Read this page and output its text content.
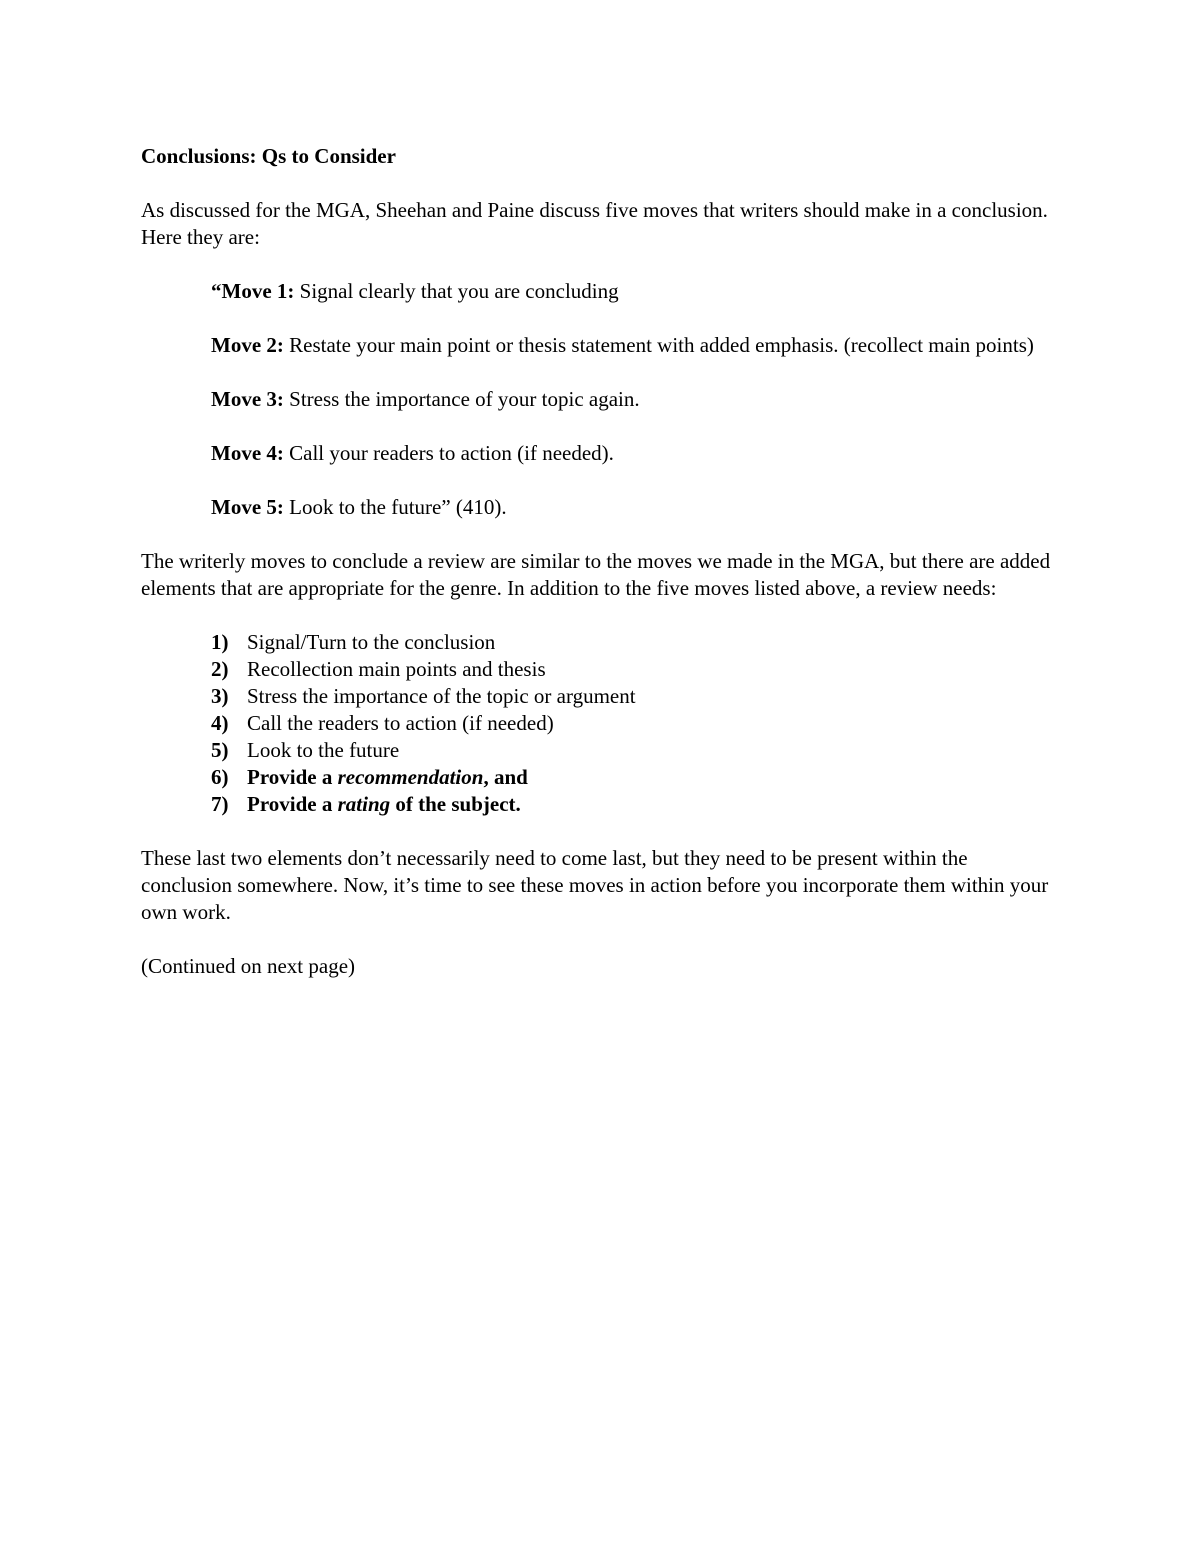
Conclusions: Qs to Consider

As discussed for the MGA, Sheehan and Paine discuss five moves that writers should make in a conclusion. Here they are:

“Move 1: Signal clearly that you are concluding

Move 2: Restate your main point or thesis statement with added emphasis. (recollect main points)

Move 3: Stress the importance of your topic again.

Move 4: Call your readers to action (if needed).

Move 5: Look to the future” (410).

The writerly moves to conclude a review are similar to the moves we made in the MGA, but there are added elements that are appropriate for the genre. In addition to the five moves listed above, a review needs:

1) Signal/Turn to the conclusion
2) Recollection main points and thesis
3) Stress the importance of the topic or argument
4) Call the readers to action (if needed)
5) Look to the future
6) Provide a recommendation, and
7) Provide a rating of the subject.

These last two elements don’t necessarily need to come last, but they need to be present within the conclusion somewhere. Now, it’s time to see these moves in action before you incorporate them within your own work.

(Continued on next page)
